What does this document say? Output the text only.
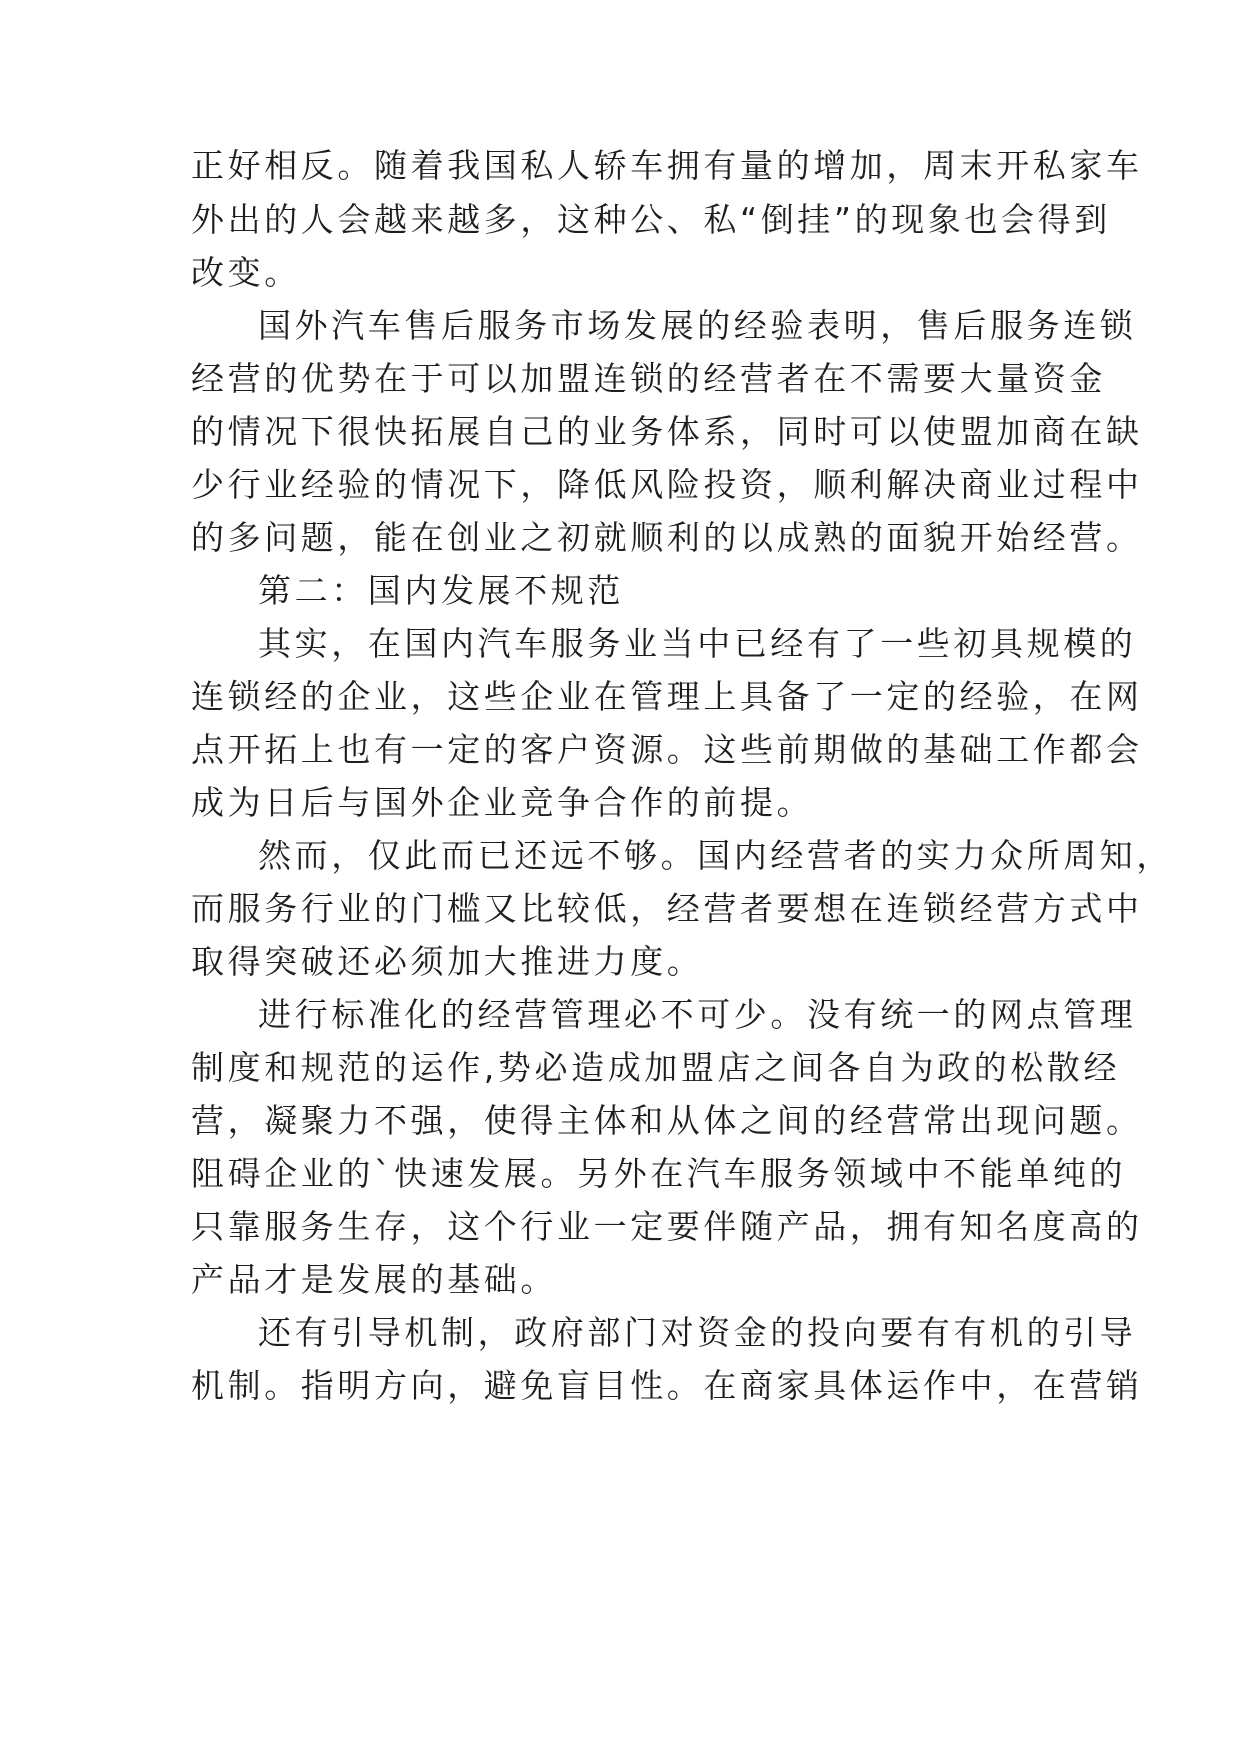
正好相反。随着我国私人轿车拥有量的增加，周末开私家车
外出的人会越来越多，这种公、私“倒挂”的现象也会得到
改变。
国外汽车售后服务市场发展的经验表明，售后服务连锁
经营的优势在于可以加盟连锁的经营者在不需要大量资金
的情况下很快拓展自己的业务体系，同时可以使盟加商在缺
少行业经验的情况下，降低风险投资，顺利解决商业过程中
的多问题，能在创业之初就顺利的以成熟的面貌开始经营。
第二：国内发展不规范
其实，在国内汽车服务业当中已经有了一些初具规模的
连锁经的企业，这些企业在管理上具备了一定的经验，在网
点开拓上也有一定的客户资源。这些前期做的基础工作都会
成为日后与国外企业竞争合作的前提。
然而，仅此而已还远不够。国内经营者的实力众所周知，
而服务行业的门槛又比较低，经营者要想在连锁经营方式中
取得突破还必须加大推进力度。
进行标准化的经营管理必不可少。没有统一的网点管理
制度和规范的运作,势必造成加盟店之间各自为政的松散经
营，凝聚力不强，使得主体和从体之间的经营常出现问题。
阻碍企业的`快速发展。另外在汽车服务领域中不能单纯的
只靠服务生存，这个行业一定要伴随产品，拥有知名度高的
产品才是发展的基础。
还有引导机制，政府部门对资金的投向要有有机的引导
机制。指明方向，避免盲目性。在商家具体运作中，在营销
